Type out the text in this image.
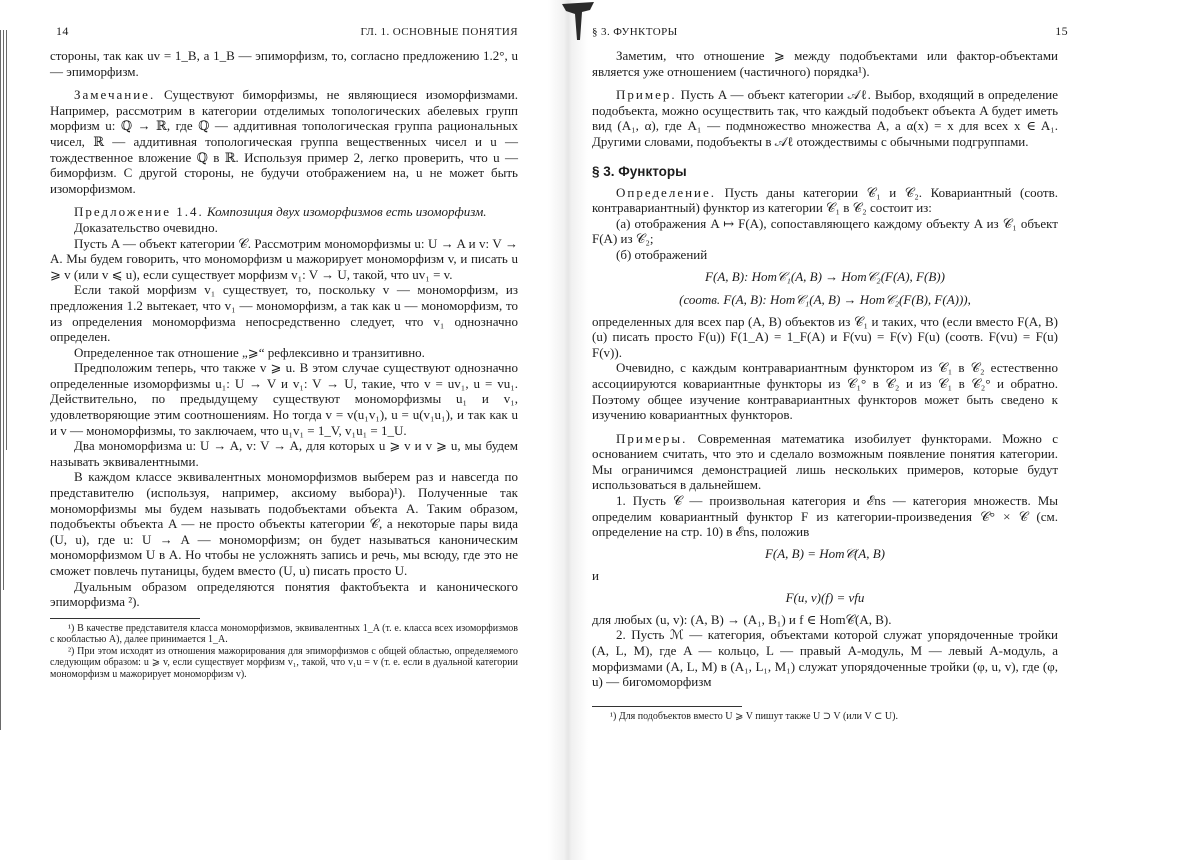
14	ГЛ. 1. ОСНОВНЫЕ ПОНЯТИЯ

стороны, так как uv = 1_B, а 1_B — эпиморфизм, то, согласно предложению 1.2°, u — эпиморфизм.

Замечание. Существуют биморфизмы, не являющиеся изоморфизмами. Например, рассмотрим в категории отделимых топологических абелевых групп морфизм u: ℚ → ℝ, где ℚ — аддитивная топологическая группа рациональных чисел, ℝ — аддитивная топологическая группа вещественных чисел и u — тождественное вложение ℚ в ℝ. Используя пример 2, легко проверить, что u — биморфизм. С другой стороны, не будучи отображением на, u не может быть изоморфизмом.

Предложение 1.4. Композиция двух изоморфизмов есть изоморфизм.

Доказательство очевидно.

Пусть A — объект категории 𝒞. Рассмотрим мономорфизмы u: U → A и v: V → A. Мы будем говорить, что мономорфизм u мажорирует мономорфизм v, и писать u ⩾ v (или v ⩽ u), если существует морфизм v₁: V → U, такой, что uv₁ = v.

Если такой морфизм v₁ существует, то, поскольку v — мономорфизм, из предложения 1.2 вытекает, что v₁ — мономорфизм, а так как u — мономорфизм, то из определения мономорфизма непосредственно следует, что v₁ однозначно определен.

Определенное так отношение „⩾“ рефлексивно и транзитивно.

Предположим теперь, что также v ⩾ u. В этом случае существуют однозначно определенные изоморфизмы u₁: U → V и v₁: V → U, такие, что v = uv₁, u = vu₁. Действительно, по предыдущему существуют мономорфизмы u₁ и v₁, удовлетворяющие этим соотношениям. Но тогда v = v(u₁v₁), u = u(v₁u₁), и так как u и v — мономорфизмы, то заключаем, что u₁v₁ = 1_V, v₁u₁ = 1_U.

Два мономорфизма u: U → A, v: V → A, для которых u ⩾ v и v ⩾ u, мы будем называть эквивалентными.

В каждом классе эквивалентных мономорфизмов выберем раз и навсегда по представителю (используя, например, аксиому выбора)¹). Полученные так мономорфизмы мы будем называть подобъектами объекта A. Таким образом, подобъекты объекта A — не просто объекты категории 𝒞, а некоторые пары вида (U, u), где u: U → A — мономорфизм; он будет называться каноническим мономорфизмом U в A. Но чтобы не усложнять запись и речь, мы всюду, где это не сможет повлечь путаницы, будем вместо (U, u) писать просто U.

Дуальным образом определяются понятия фактобъекта и канонического эпиморфизма ²).

¹) В качестве представителя класса мономорфизмов, эквивалентных 1_A (т. е. класса всех изоморфизмов с кообластью A), далее принимается 1_A.

²) При этом исходят из отношения мажорирования для эпиморфизмов с общей областью, определяемого следующим образом: u ⩾ v, если существует морфизм v₁, такой, что v₁u = v (т. е. если в дуальной категории мономорфизм u мажорирует мономорфизм v).

§ 3. ФУНКТОРЫ	15

Заметим, что отношение ⩾ между подобъектами или фактор-объектами является уже отношением (частичного) порядка¹).

Пример. Пусть A — объект категории 𝒜ℓ. Выбор, входящий в определение подобъекта, можно осуществить так, что каждый подобъект объекта A будет иметь вид (A₁, α), где A₁ — подмножество множества A, а α(x) = x для всех x ∈ A₁. Другими словами, подобъекты в 𝒜ℓ отождествимы с обычными подгруппами.

§ 3. Функторы

Определение. Пусть даны категории 𝒞₁ и 𝒞₂. Ковариантный (соотв. контравариантный) функтор из категории 𝒞₁ в 𝒞₂ состоит из:

(а) отображения A ↦ F(A), сопоставляющего каждому объекту A из 𝒞₁ объект F(A) из 𝒞₂;

(б) отображений

F(A, B): Hom𝒞₁(A, B) → Hom𝒞₂(F(A), F(B))
(соотв. F(A, B): Hom𝒞₁(A, B) → Hom𝒞₂(F(B), F(A))),

определенных для всех пар (A, B) объектов из 𝒞₁ и таких, что (если вместо F(A, B)(u) писать просто F(u)) F(1_A) = 1_F(A) и F(vu) = F(v) F(u) (соотв. F(vu) = F(u) F(v)).

Очевидно, с каждым контравариантным функтором из 𝒞₁ в 𝒞₂ естественно ассоциируются ковариантные функторы из 𝒞₁° в 𝒞₂ и из 𝒞₁ в 𝒞₂° и обратно. Поэтому общее изучение контравариантных функторов может быть сведено к изучению ковариантных функторов.

Примеры. Современная математика изобилует функторами. Можно с основанием считать, что это и сделало возможным появление понятия категории. Мы ограничимся демонстрацией лишь нескольких примеров, которые будут использоваться в дальнейшем.

1. Пусть 𝒞 — произвольная категория и ℰns — категория множеств. Мы определим ковариантный функтор F из категории-произведения 𝒞° × 𝒞 (см. определение на стр. 10) в ℰns, положив

F(A, B) = Hom𝒞(A, B)
и
F(u, v)(f) = vfu

для любых (u, v): (A, B) → (A₁, B₁) и f ∈ Hom𝒞(A, B).

2. Пусть ℳ — категория, объектами которой служат упорядоченные тройки (A, L, M), где A — кольцо, L — правый A-модуль, M — левый A-модуль, а морфизмами (A, L, M) в (A₁, L₁, M₁) служат упорядоченные тройки (φ, u, v), где (φ, u) — бигомоморфизм

¹) Для подобъектов вместо U ⩾ V пишут также U ⊃ V (или V ⊂ U).
